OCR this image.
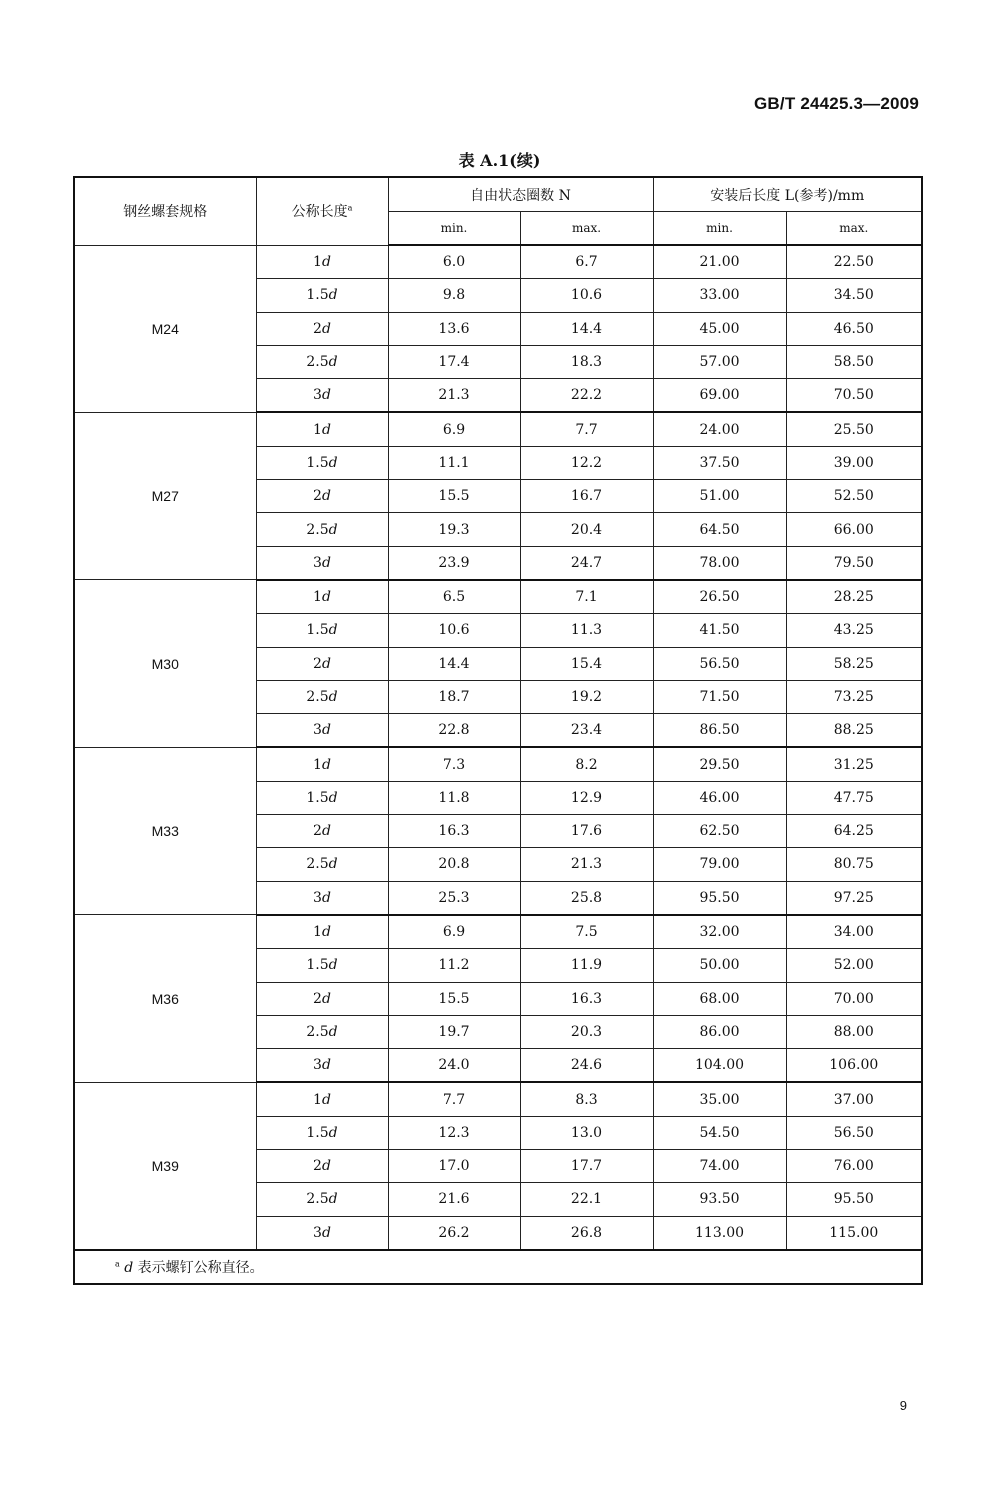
GB/T 24425.3—2009
表 A.1(续)
钢丝螺套规格	公称长度$^a$	自由状态圈数 N		安装后长度 L(参考)/mm	
		min.	max.	min.	max.
M24	1d	6.0	6.7	21.00	22.50
	1.5d	9.8	10.6	33.00	34.50
	2d	13.6	14.4	45.00	46.50
	2.5d	17.4	18.3	57.00	58.50
	3d	21.3	22.2	69.00	70.50
M27	1d	6.9	7.7	24.00	25.50
	1.5d	11.1	12.2	37.50	39.00
	2d	15.5	16.7	51.00	52.50
	2.5d	19.3	20.4	64.50	66.00
	3d	23.9	24.7	78.00	79.50
M30	1d	6.5	7.1	26.50	28.25
	1.5d	10.6	11.3	41.50	43.25
	2d	14.4	15.4	56.50	58.25
	2.5d	18.7	19.2	71.50	73.25
	3d	22.8	23.4	86.50	88.25
M33	1d	7.3	8.2	29.50	31.25
	1.5d	11.8	12.9	46.00	47.75
	2d	16.3	17.6	62.50	64.25
	2.5d	20.8	21.3	79.00	80.75
	3d	25.3	25.8	95.50	97.25
M36	1d	6.9	7.5	32.00	34.00
	1.5d	11.2	11.9	50.00	52.00
	2d	15.5	16.3	68.00	70.00
	2.5d	19.7	20.3	86.00	88.00
	3d	24.0	24.6	104.00	106.00
M39	1d	7.7	8.3	35.00	37.00
	1.5d	12.3	13.0	54.50	56.50
	2d	17.0	17.7	74.00	76.00
	2.5d	21.6	22.1	93.50	95.50
	3d	26.2	26.8	113.00	115.00
$^a$ d 表示螺钉公称直径。					
9
